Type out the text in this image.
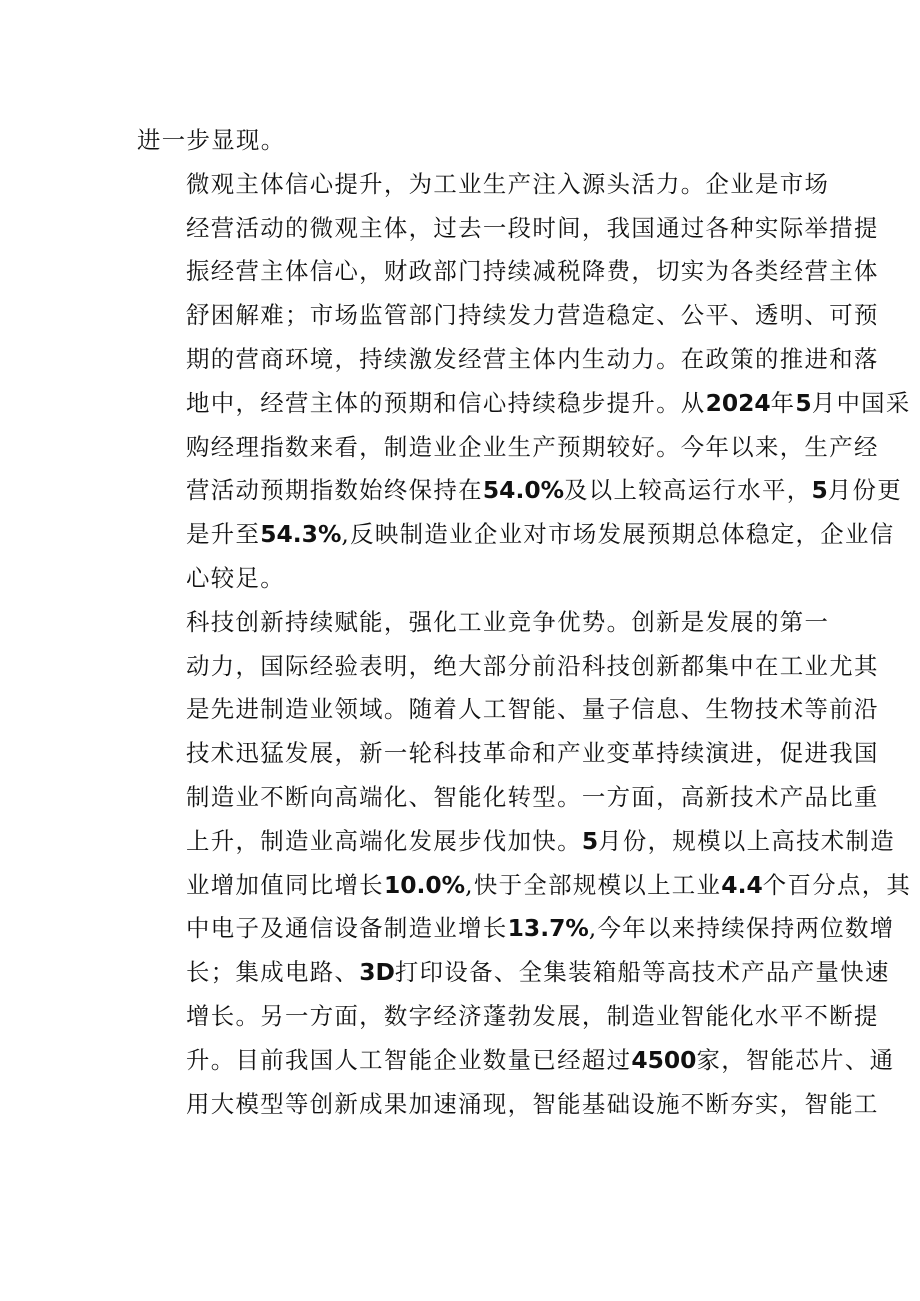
进一步显现。

微观主体信心提升，为工业生产注入源头活力。企业是市场
经营活动的微观主体，过去一段时间，我国通过各种实际举措提
振经营主体信心，财政部门持续减税降费，切实为各类经营主体
舒困解难；市场监管部门持续发力营造稳定、公平、透明、可预
期的营商环境，持续激发经营主体内生动力。在政策的推进和落
地中，经营主体的预期和信心持续稳步提升。从2024年5月中国采
购经理指数来看，制造业企业生产预期较好。今年以来，生产经
营活动预期指数始终保持在54.0%及以上较高运行水平，5月份更
是升至54.3%,反映制造业企业对市场发展预期总体稳定，企业信
心较足。

科技创新持续赋能，强化工业竞争优势。创新是发展的第一
动力，国际经验表明，绝大部分前沿科技创新都集中在工业尤其
是先进制造业领域。随着人工智能、量子信息、生物技术等前沿
技术迅猛发展，新一轮科技革命和产业变革持续演进，促进我国
制造业不断向高端化、智能化转型。一方面，高新技术产品比重
上升，制造业高端化发展步伐加快。5月份，规模以上高技术制造
业增加值同比增长10.0%,快于全部规模以上工业4.4个百分点，其
中电子及通信设备制造业增长13.7%,今年以来持续保持两位数增
长；集成电路、3D打印设备、全集装箱船等高技术产品产量快速
增长。另一方面，数字经济蓬勃发展，制造业智能化水平不断提
升。目前我国人工智能企业数量已经超过4500家，智能芯片、通
用大模型等创新成果加速涌现，智能基础设施不断夯实，智能工
